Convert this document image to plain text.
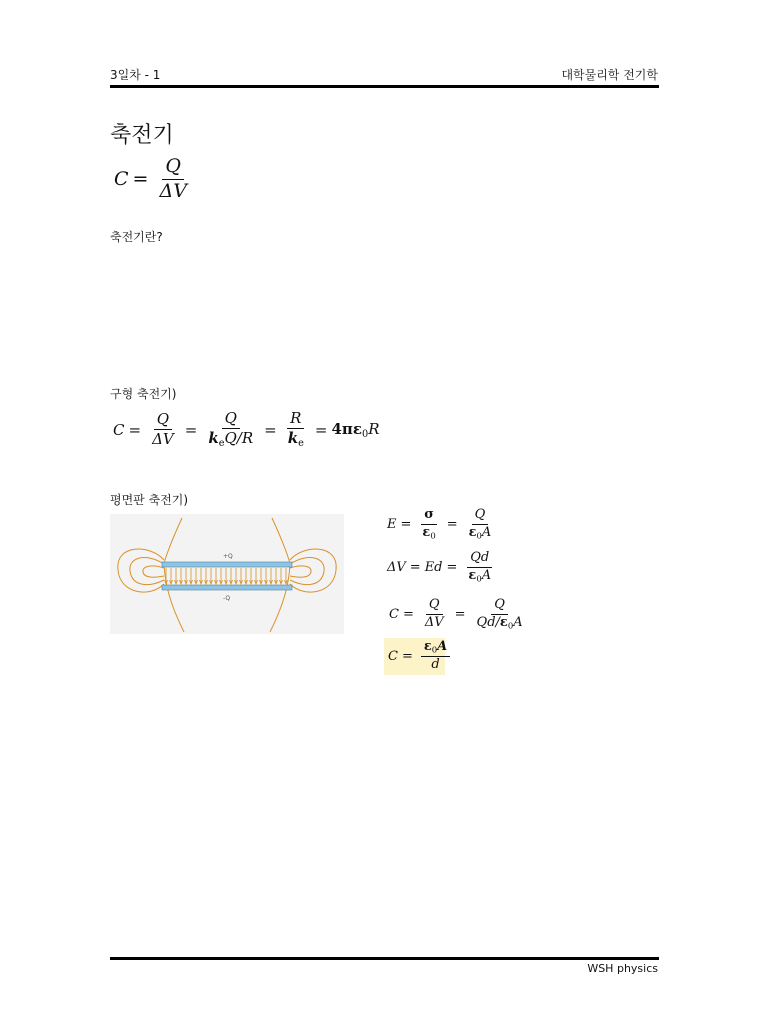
3일차 - 1	대학물리학 전기학
축전기
$C = \frac{Q}{\Delta V}$
축전기란?
구형 축전기)
$C = \frac{Q}{\Delta V} = \frac{Q}{k_eQ/R} = \frac{R}{k_e} = 4\pi\varepsilon_0R$
평면판 축전기)
+Q
-Q
$E = \frac{\sigma}{\varepsilon_0} = \frac{Q}{\varepsilon_0A}$
$\Delta V = Ed = \frac{Qd}{\varepsilon_0A}$
$C = \frac{Q}{\Delta V} = \frac{Q}{Qd/\varepsilon_0A}$
$C = \frac{\varepsilon_0A}{d}$
WSH physics
